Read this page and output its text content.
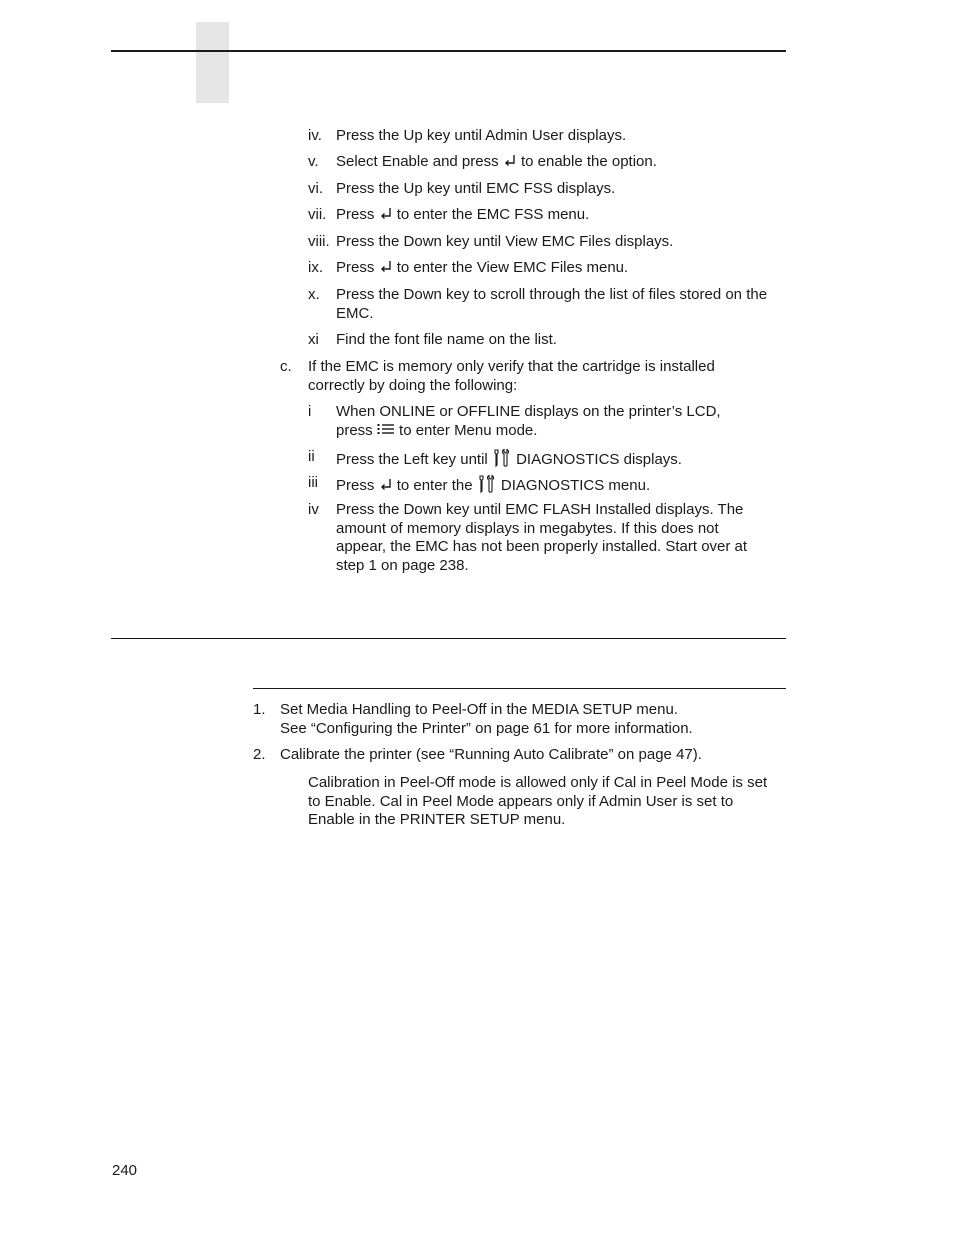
iv. Press the Up key until Admin User displays.
v. Select Enable and press to enable the option.
vi. Press the Up key until EMC FSS displays.
vii. Press to enter the EMC FSS menu.
viii. Press the Down key until View EMC Files displays.
ix. Press to enter the View EMC Files menu.
x. Press the Down key to scroll through the list of files stored on the
EMC.
xi Find the font file name on the list.
c. If the EMC is memory only verify that the cartridge is installed
correctly by doing the following:
i When ONLINE or OFFLINE displays on the printer’s LCD,
press to enter Menu mode.
ii Press the Left key until DIAGNOSTICS displays.
iii Press to enter the DIAGNOSTICS menu.
iv Press the Down key until EMC FLASH Installed displays. The
amount of memory displays in megabytes. If this does not
appear, the EMC has not been properly installed. Start over at
step 1 on page 238.
1. Set Media Handling to Peel-Off in the MEDIA SETUP menu.
See “Configuring the Printer” on page 61 for more information.
2. Calibrate the printer (see “Running Auto Calibrate” on page 47).
Calibration in Peel-Off mode is allowed only if Cal in Peel Mode is set
to Enable. Cal in Peel Mode appears only if Admin User is set to
Enable in the PRINTER SETUP menu.
240
